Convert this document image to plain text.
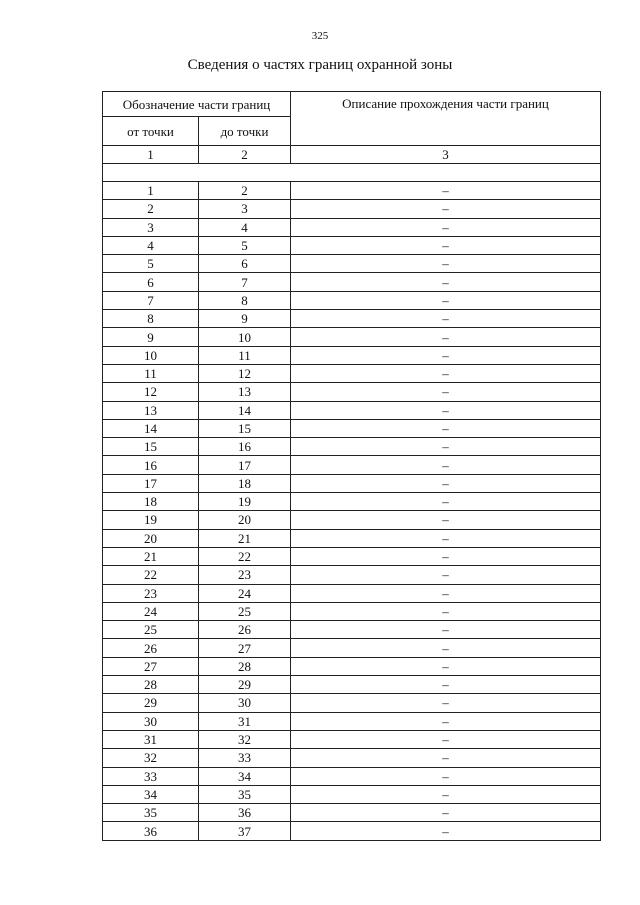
325
Сведения о частях границ охранной зоны
Обозначение части границ		Описание прохождения части границ
от точки	до точки	
1	2	3

1	2	–
2	3	–
3	4	–
4	5	–
5	6	–
6	7	–
7	8	–
8	9	–
9	10	–
10	11	–
11	12	–
12	13	–
13	14	–
14	15	–
15	16	–
16	17	–
17	18	–
18	19	–
19	20	–
20	21	–
21	22	–
22	23	–
23	24	–
24	25	–
25	26	–
26	27	–
27	28	–
28	29	–
29	30	–
30	31	–
31	32	–
32	33	–
33	34	–
34	35	–
35	36	–
36	37	–
